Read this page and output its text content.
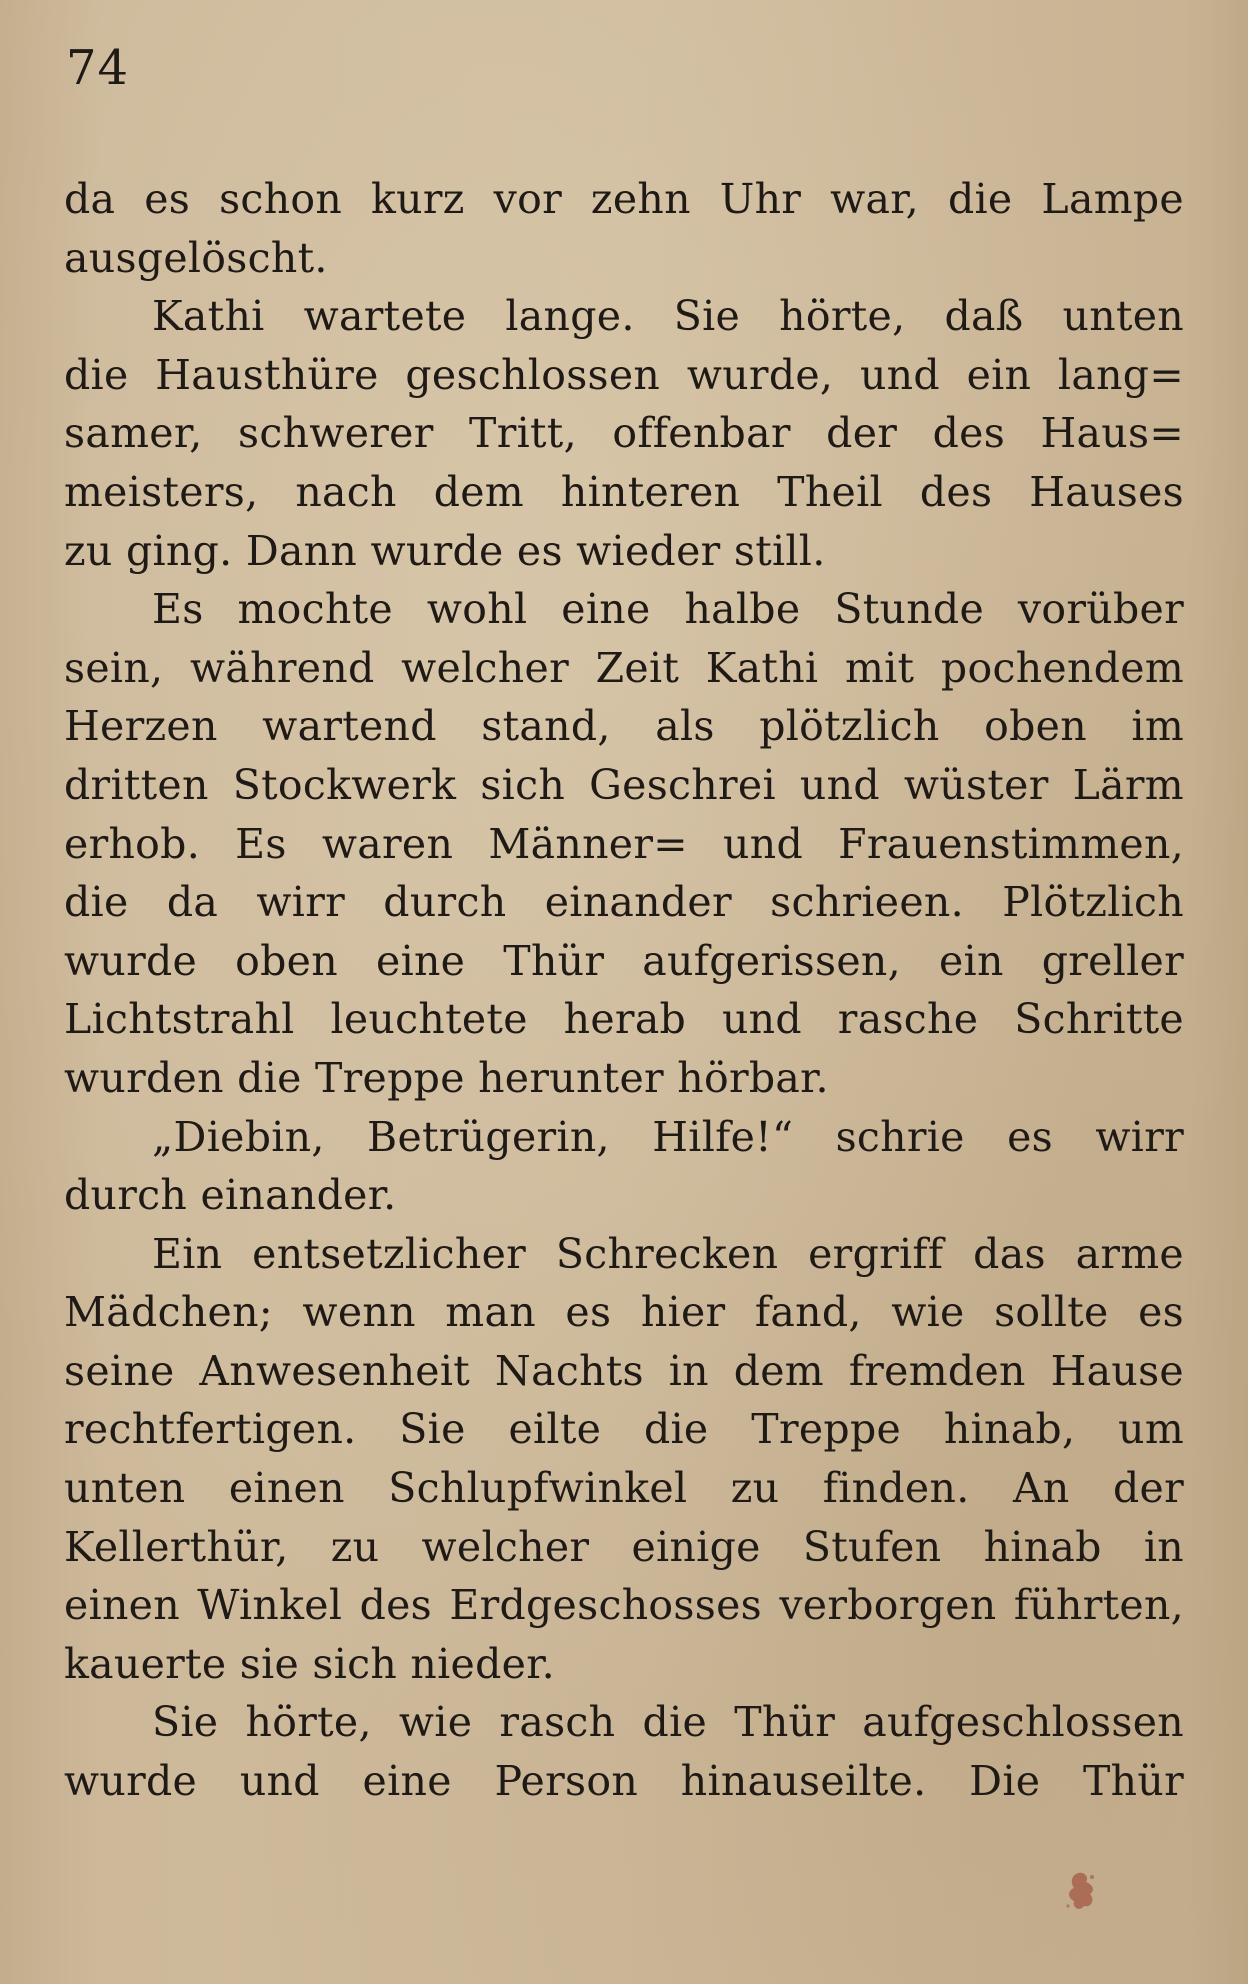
74
da es schon kurz vor zehn Uhr war, die Lampe
ausgelöscht.
Kathi wartete lange. Sie hörte, daß unten
die Hausthüre geschlossen wurde, und ein lang=
samer, schwerer Tritt, offenbar der des Haus=
meisters, nach dem hinteren Theil des Hauses
zu ging. Dann wurde es wieder still.
Es mochte wohl eine halbe Stunde vorüber
sein, während welcher Zeit Kathi mit pochendem
Herzen wartend stand, als plötzlich oben im
dritten Stockwerk sich Geschrei und wüster Lärm
erhob. Es waren Männer= und Frauenstimmen,
die da wirr durch einander schrieen. Plötzlich
wurde oben eine Thür aufgerissen, ein greller
Lichtstrahl leuchtete herab und rasche Schritte
wurden die Treppe herunter hörbar.
„Diebin, Betrügerin, Hilfe!“ schrie es wirr
durch einander.
Ein entsetzlicher Schrecken ergriff das arme
Mädchen; wenn man es hier fand, wie sollte es
seine Anwesenheit Nachts in dem fremden Hause
rechtfertigen. Sie eilte die Treppe hinab, um
unten einen Schlupfwinkel zu finden. An der
Kellerthür, zu welcher einige Stufen hinab in
einen Winkel des Erdgeschosses verborgen führten,
kauerte sie sich nieder.
Sie hörte, wie rasch die Thür aufgeschlossen
wurde und eine Person hinauseilte. Die Thür
